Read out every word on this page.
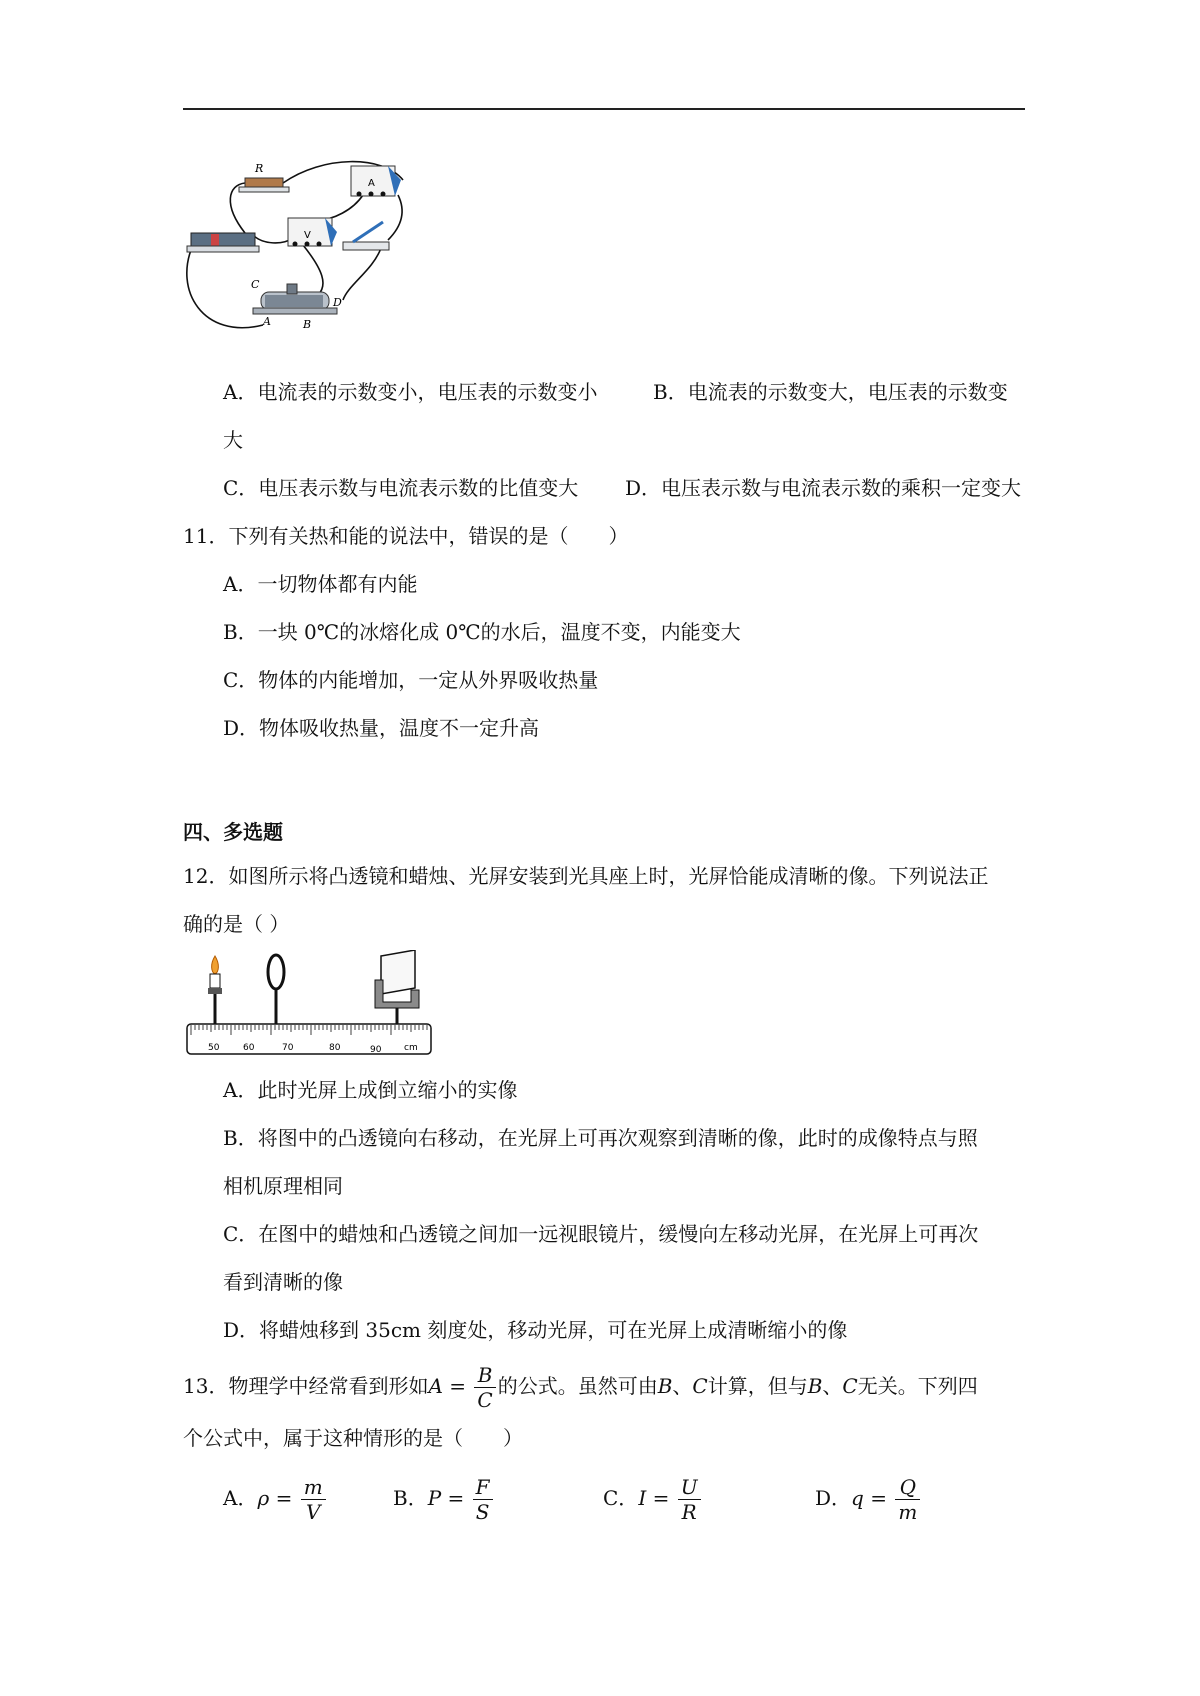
R
A
V
C
D
A	B
A．电流表的示数变小，电压表的示数变小	B．电流表的示数变大，电压表的示数变
大
C．电压表示数与电流表示数的比值变大 D．电压表示数与电流表示数的乘积一定变大
11．下列有关热和能的说法中，错误的是（　　）
A．一切物体都有内能
B．一块 0℃的冰熔化成 0℃的水后，温度不变，内能变大
C．物体的内能增加，一定从外界吸收热量
D．物体吸收热量，温度不一定升高
四、多选题
12．如图所示将凸透镜和蜡烛、光屏安装到光具座上时，光屏恰能成清晰的像。下列说法正
确的是（ ）
50	60	70	80	90	cm
A．此时光屏上成倒立缩小的实像
B．将图中的凸透镜向右移动，在光屏上可再次观察到清晰的像，此时的成像特点与照
相机原理相同
C．在图中的蜡烛和凸透镜之间加一远视眼镜片，缓慢向左移动光屏，在光屏上可再次
看到清晰的像
D．将蜡烛移到 35cm 刻度处，移动光屏，可在光屏上成清晰缩小的像
13．物理学中经常看到形如$A = \frac{B}{C}$ 的公式。虽然可由B、C计算，但与B、C无关。下列四
个公式中，属于这种情形的是（　　）
A．$\rho = \frac{m}{V}$	B．$P = \frac{F}{S}$	C．$I = \frac{U}{R}$	D．$q = \frac{Q}{m}$
